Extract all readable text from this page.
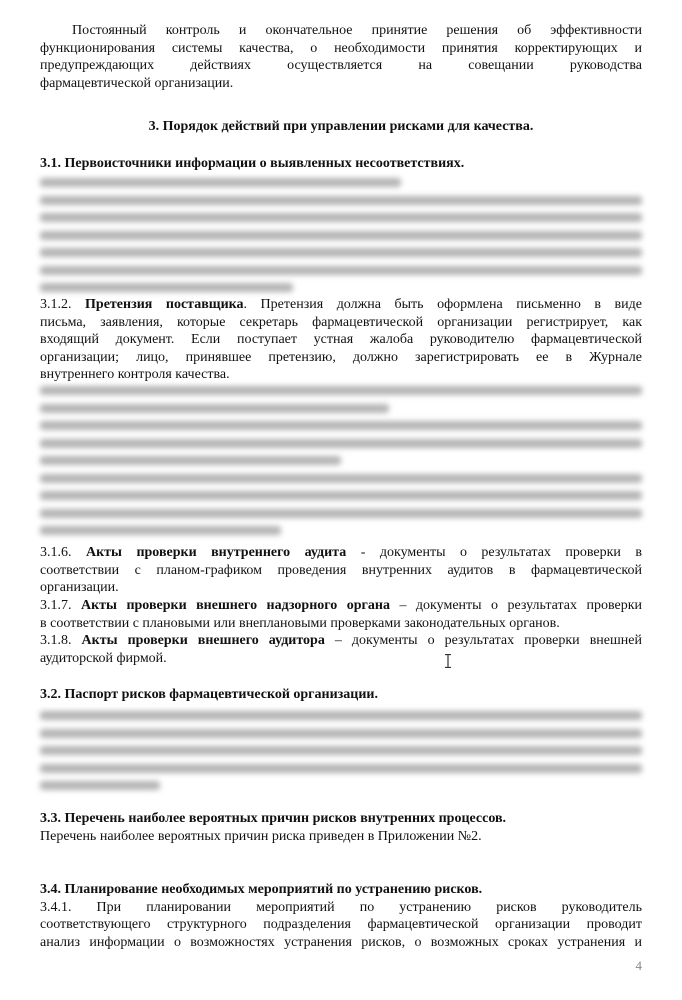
Постоянный контроль и окончательное принятие решения об эффективности
функционирования системы качества, о необходимости принятия корректирующих и
предупреждающих действиях осуществляется на совещании руководства
фармацевтической организации.
3. Порядок действий при управлении рисками для качества.
3.1. Первоисточники информации о выявленных несоответствиях.
3.1.2. Претензия поставщика. Претензия должна быть оформлена письменно в виде
письма, заявления, которые секретарь фармацевтической организации регистрирует, как
входящий документ. Если поступает устная жалоба руководителю фармацевтической
организации; лицо, принявшее претензию, должно зарегистрировать ее в Журнале
внутреннего контроля качества.
3.1.6. Акты проверки внутреннего аудита - документы о результатах проверки в
соответствии с планом-графиком проведения внутренних аудитов в фармацевтической
организации.
3.1.7. Акты проверки внешнего надзорного органа – документы о результатах проверки
в соответствии с плановыми или внеплановыми проверками законодательных органов.
3.1.8. Акты проверки внешнего аудитора – документы о результатах проверки внешней
аудиторской фирмой.
3.2. Паспорт рисков фармацевтической организации.
3.3. Перечень наиболее вероятных причин рисков внутренних процессов.
Перечень наиболее вероятных причин риска приведен в Приложении №2.
3.4. Планирование необходимых мероприятий по устранению рисков.
3.4.1. При планировании мероприятий по устранению рисков руководитель
соответствующего структурного подразделения фармацевтической организации проводит
анализ информации о возможностях устранения рисков, о возможных сроках устранения и
4
